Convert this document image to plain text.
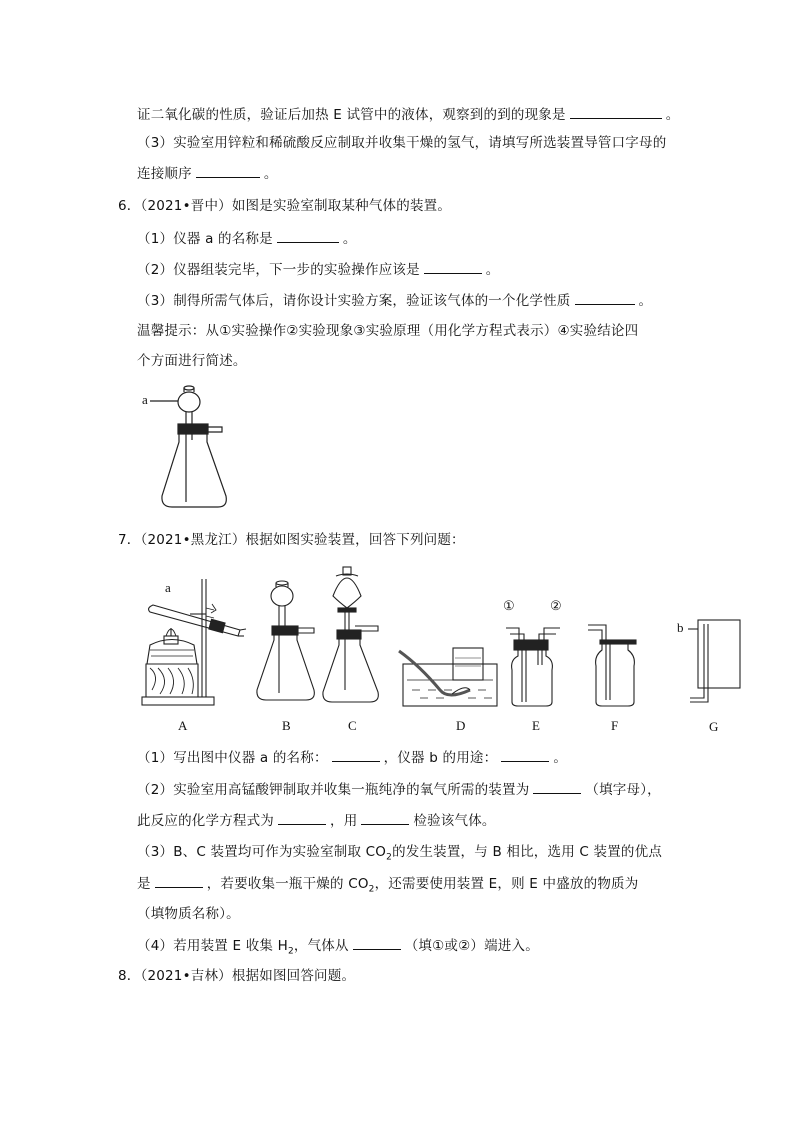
证二氧化碳的性质，验证后加热 E 试管中的液体，观察到的到的现象是	。
（3）实验室用锌粒和稀硫酸反应制取并收集干燥的氢气，请填写所选装置导管口字母的
连接顺序	。
6．（2021•晋中）如图是实验室制取某种气体的装置。
（1）仪器 a 的名称是	。
（2）仪器组装完毕，下一步的实验操作应该是	。
（3）制得所需气体后，请你设计实验方案，验证该气体的一个化学性质	。
温馨提示：从①实验操作②实验现象③实验原理（用化学方程式表示）④实验结论四
个方面进行简述。
a
7．（2021•黑龙江）根据如图实验装置，回答下列问题：
a
b
①	②
A	B	C	D	E	F	G
（1）写出图中仪器 a 的名称：	，仪器 b 的用途：	。
（2）实验室用高锰酸钾制取并收集一瓶纯净的氧气所需的装置为	（填字母），
此反应的化学方程式为	，用	检验该气体。
（3）B、C 装置均可作为实验室制取 $CO_2$的发生装置，与 B 相比，选用 C 装置的优点
是	，若要收集一瓶干燥的 $CO_2$，还需要使用装置 E，则 E 中盛放的物质为
（填物质名称）。
（4）若用装置 E 收集 $H_2$，气体从	（填①或②）端进入。
8．（2021•吉林）根据如图回答问题。
